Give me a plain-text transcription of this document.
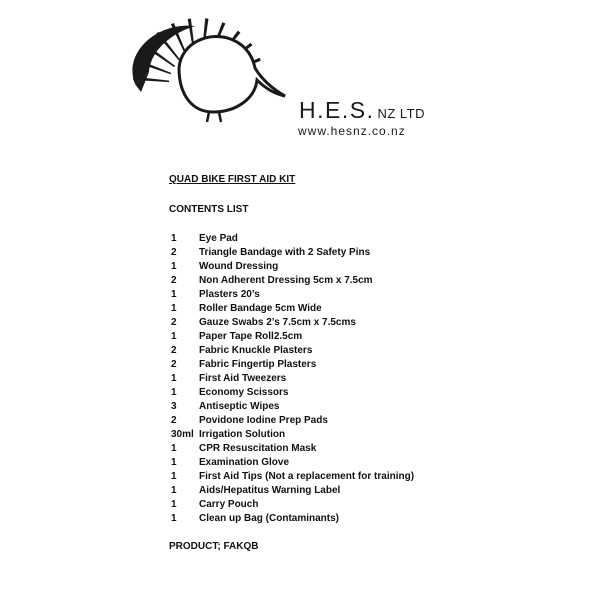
H.E.S. NZ LTD
www.hesnz.co.nz
QUAD BIKE FIRST AID KIT
CONTENTS LIST
1	Eye Pad
2	Triangle Bandage with 2 Safety Pins
1	Wound Dressing
2	Non Adherent Dressing 5cm x 7.5cm
1	Plasters 20’s
1	Roller Bandage 5cm Wide
2	Gauze Swabs 2’s 7.5cm x 7.5cms
1	Paper Tape Roll2.5cm
2	Fabric Knuckle Plasters
2	Fabric Fingertip Plasters
1	First Aid Tweezers
1	Economy Scissors
3	Antiseptic Wipes
2	Povidone Iodine Prep Pads
30ml Irrigation Solution
1	CPR Resuscitation Mask
1	Examination Glove
1	First Aid Tips (Not a replacement for training)
1	Aids/Hepatitus Warning Label
1	Carry Pouch
1	Clean up Bag (Contaminants)
PRODUCT; FAKQB
